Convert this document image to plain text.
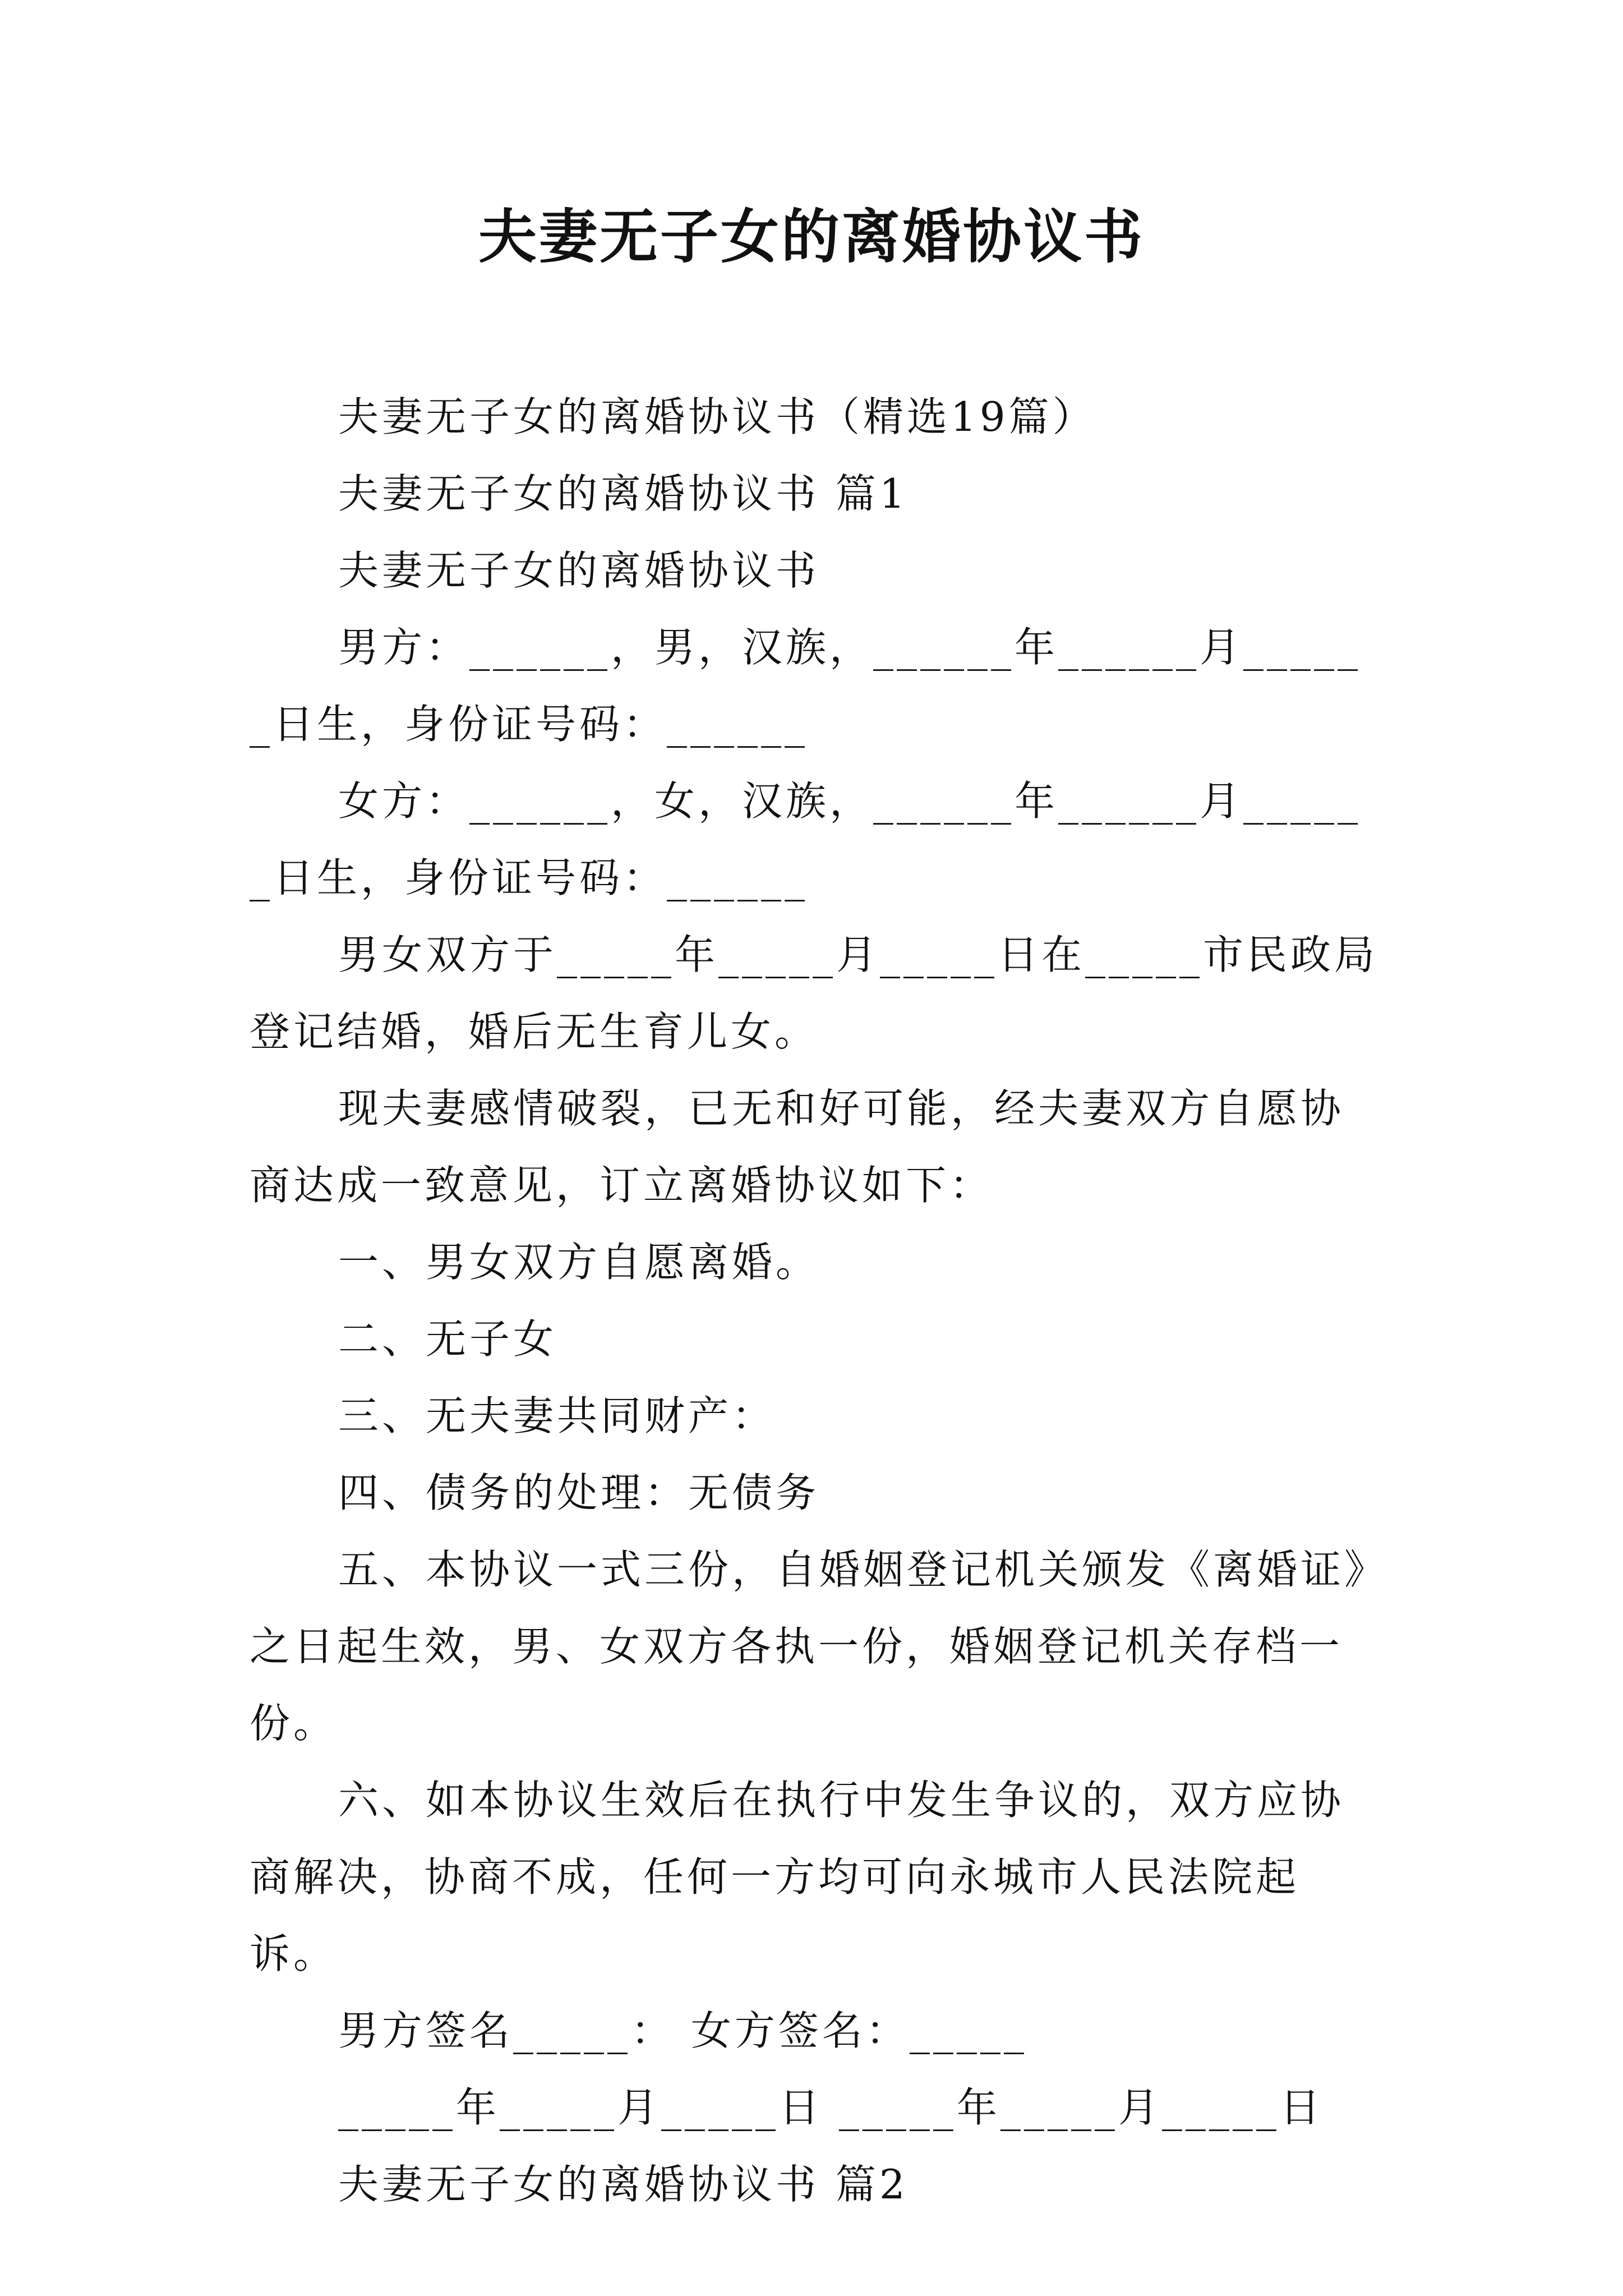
夫妻无子女的离婚协议书

夫妻无子女的离婚协议书（精选19篇）

夫妻无子女的离婚协议书 篇1

夫妻无子女的离婚协议书

男方：______，男，汉族，______年______月______日生，身份证号码：______

女方：______，女，汉族，______年______月______日生，身份证号码：______

男女双方于_____年_____月_____日在_____市民政局登记结婚，婚后无生育儿女。

现夫妻感情破裂，已无和好可能，经夫妻双方自愿协商达成一致意见，订立离婚协议如下：

一、男女双方自愿离婚。

二、无子女

三、无夫妻共同财产：

四、债务的处理：无债务

五、本协议一式三份，自婚姻登记机关颁发《离婚证》之日起生效，男、女双方各执一份，婚姻登记机关存档一份。

六、如本协议生效后在执行中发生争议的，双方应协商解决，协商不成，任何一方均可向永城市人民法院起诉。

男方签名_____： 女方签名：_____

_____年_____月_____日 _____年_____月_____日

夫妻无子女的离婚协议书 篇2
